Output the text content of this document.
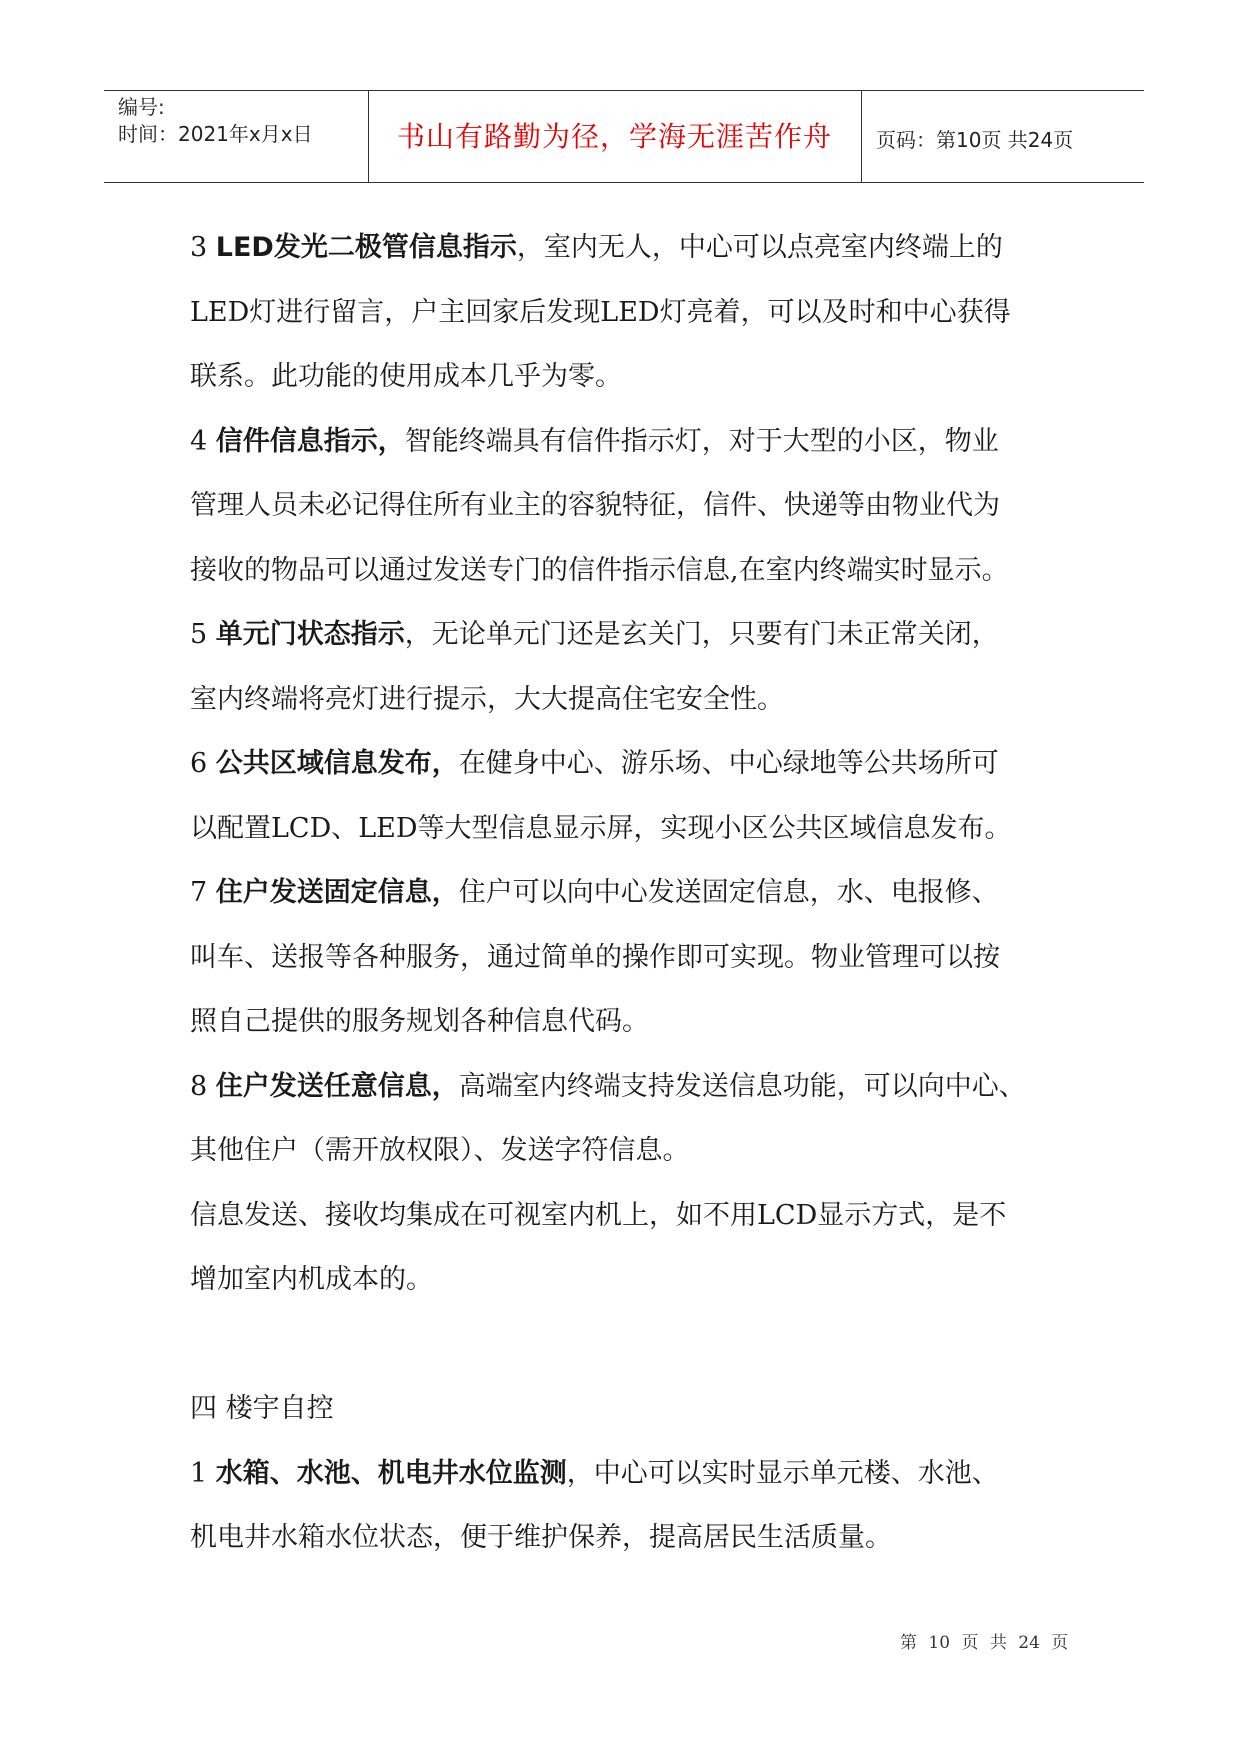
编号:
时间：2021年x月x日	书山有路勤为径，学海无涯苦作舟	页码：第10页 共24页
3 LED发光二极管信息指示，室内无人，中心可以点亮室内终端上的
LED灯进行留言，户主回家后发现LED灯亮着，可以及时和中心获得
联系。此功能的使用成本几乎为零。
4 信件信息指示，智能终端具有信件指示灯，对于大型的小区，物业
管理人员未必记得住所有业主的容貌特征，信件、快递等由物业代为
接收的物品可以通过发送专门的信件指示信息,在室内终端实时显示。
5 单元门状态指示，无论单元门还是玄关门，只要有门未正常关闭，
室内终端将亮灯进行提示，大大提高住宅安全性。
6 公共区域信息发布，在健身中心、游乐场、中心绿地等公共场所可
以配置LCD、LED等大型信息显示屏，实现小区公共区域信息发布。
7 住户发送固定信息，住户可以向中心发送固定信息，水、电报修、
叫车、送报等各种服务，通过简单的操作即可实现。物业管理可以按
照自己提供的服务规划各种信息代码。
8 住户发送任意信息，高端室内终端支持发送信息功能，可以向中心、
其他住户（需开放权限）、发送字符信息。
信息发送、接收均集成在可视室内机上，如不用LCD显示方式，是不
增加室内机成本的。
四 楼宇自控
1 水箱、水池、机电井水位监测，中心可以实时显示单元楼、水池、
机电井水箱水位状态，便于维护保养，提高居民生活质量。
第 10 页 共 24 页
